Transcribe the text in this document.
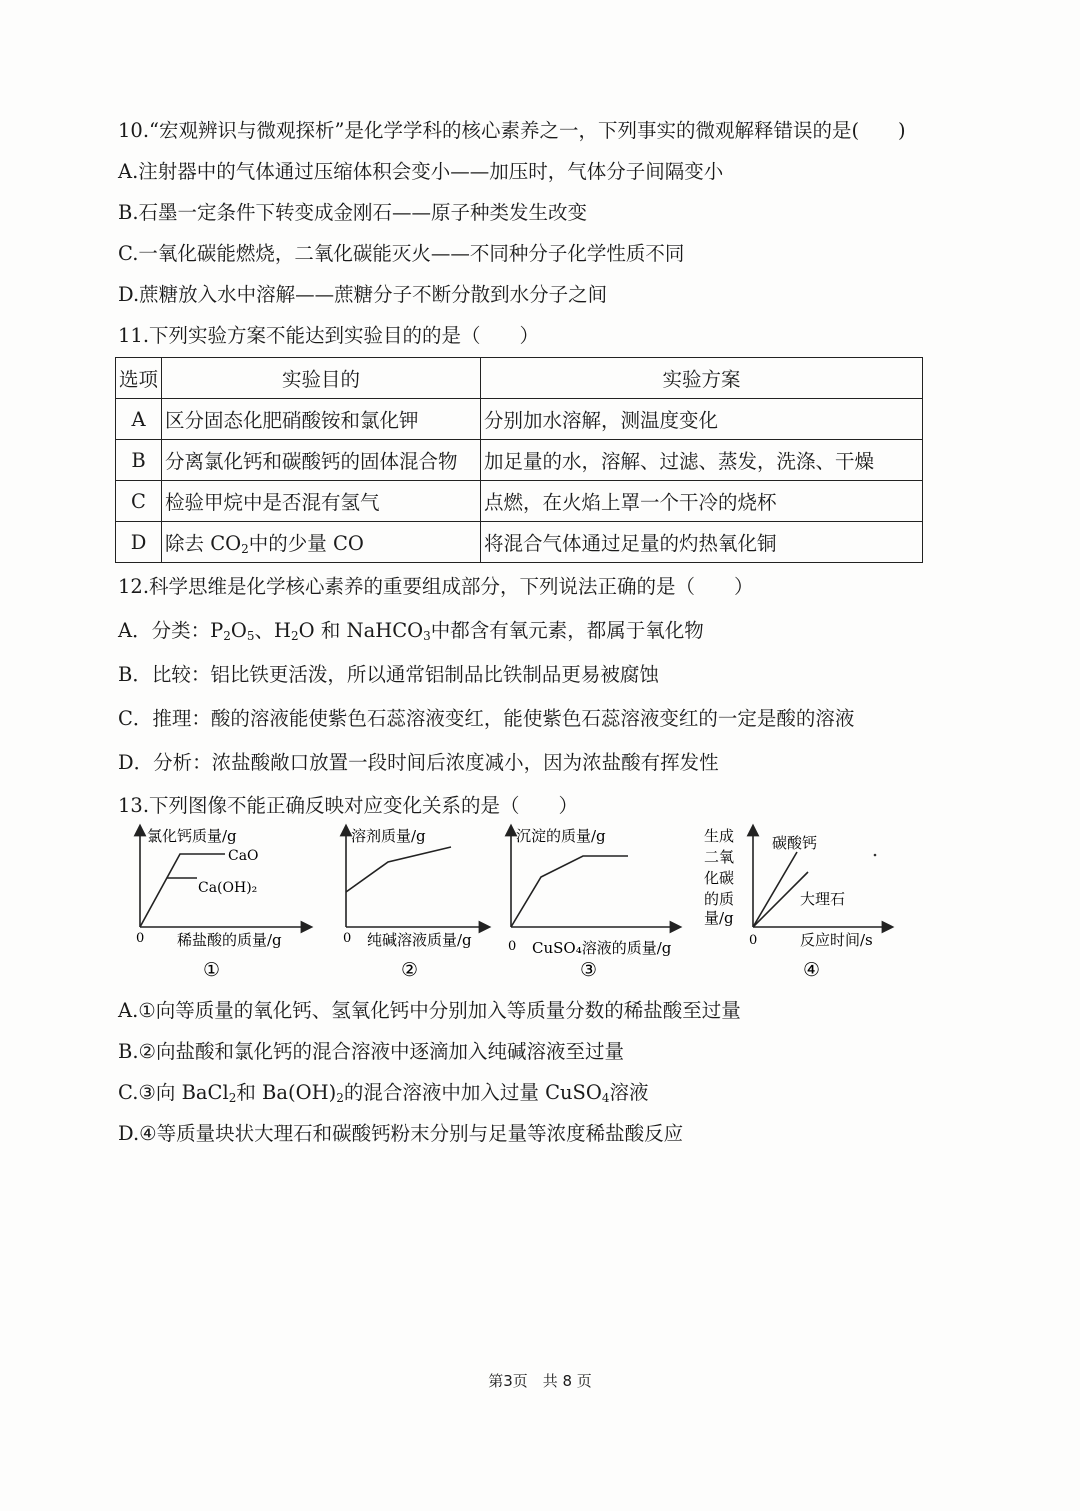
10.“宏观辨识与微观探析”是化学学科的核心素养之一，下列事实的微观解释错误的是(　　)
A.注射器中的气体通过压缩体积会变小——加压时，气体分子间隔变小
B.石墨一定条件下转变成金刚石——原子种类发生改变
C.一氧化碳能燃烧，二氧化碳能灭火——不同种分子化学性质不同
D.蔗糖放入水中溶解——蔗糖分子不断分散到水分子之间
11.下列实验方案不能达到实验目的的是（　　）
选项	实验目的	实验方案
A	区分固态化肥硝酸铵和氯化钾	分别加水溶解，测温度变化
B	分离氯化钙和碳酸钙的固体混合物	加足量的水，溶解、过滤、蒸发，洗涤、干燥
C	检验甲烷中是否混有氢气	点燃，在火焰上罩一个干冷的烧杯
D	除去 $CO_2$中的少量 CO	将混合气体通过足量的灼热氧化铜
12.科学思维是化学核心素养的重要组成部分，下列说法正确的是（　　）
A．分类：$P_2O_5$、$H_2O$ 和 NaHCO$_3$中都含有氧元素，都属于氧化物
B．比较：铝比铁更活泼，所以通常铝制品比铁制品更易被腐蚀
C．推理：酸的溶液能使紫色石蕊溶液变红，能使紫色石蕊溶液变红的一定是酸的溶液
D．分析：浓盐酸敞口放置一段时间后浓度减小，因为浓盐酸有挥发性
13.下列图像不能正确反映对应变化关系的是（　　）
氯化钙质量/g
CaO
Ca(OH)₂
0 稀盐酸的质量/g
①
溶剂质量/g
0 纯碱溶液质量/g
②
沉淀的质量/g
0 CuSO₄溶液的质量/g
③
生成
二氧
化碳
的质
量/g
碳酸钙
大理石
0	反应时间/s
④
A.①向等质量的氧化钙、氢氧化钙中分别加入等质量分数的稀盐酸至过量
B.②向盐酸和氯化钙的混合溶液中逐滴加入纯碱溶液至过量
C.③向 BaCl$_2$和 $Ba(OH)_2$的混合溶液中加入过量 CuSO$_4$溶液
D.④等质量块状大理石和碳酸钙粉末分别与足量等浓度稀盐酸反应
第3页　共 8 页
